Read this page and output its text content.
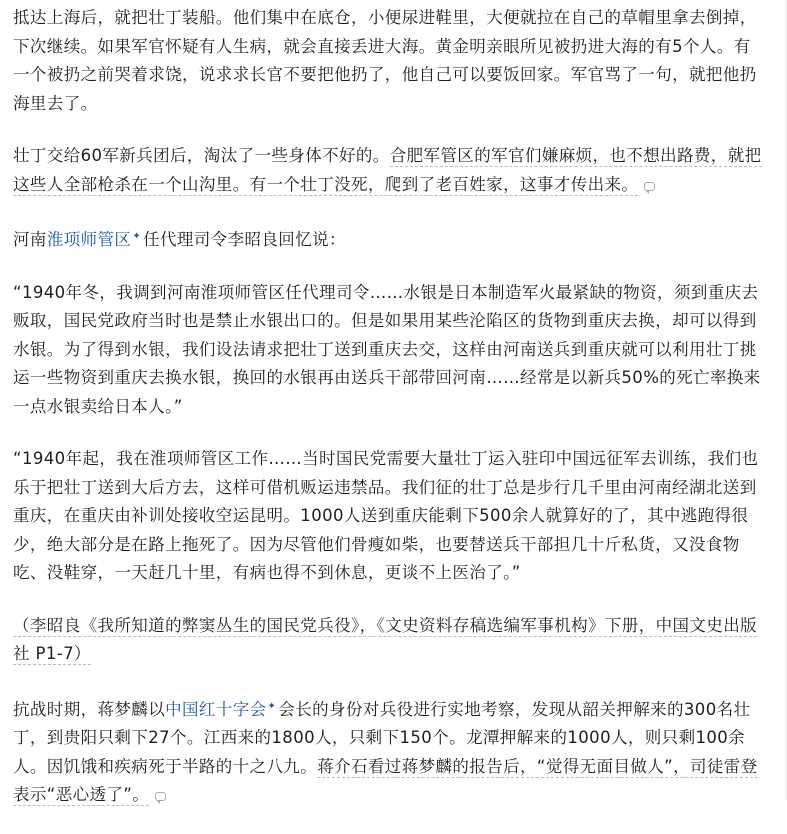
抵达上海后，就把壮丁装船。他们集中在底仓，小便尿进鞋里，大便就拉在自己的草帽里拿去倒掉，下次继续。如果军官怀疑有人生病，就会直接丢进大海。黄金明亲眼所见被扔进大海的有5个人。有一个被扔之前哭着求饶，说求求长官不要把他扔了，他自己可以要饭回家。军官骂了一句，就把他扔海里去了。

壮丁交给60军新兵团后，淘汰了一些身体不好的。合肥军管区的军官们嫌麻烦，也不想出路费，就把这些人全部枪杀在一个山沟里。有一个壮丁没死，爬到了老百姓家，这事才传出来。

河南淮项师管区✦ 任代理司令李昭良回忆说：

“1940年冬，我调到河南淮项师管区任代理司令……水银是日本制造军火最紧缺的物资，须到重庆去贩取，国民党政府当时也是禁止水银出口的。但是如果用某些沦陷区的货物到重庆去换，却可以得到水银。为了得到水银，我们设法请求把壮丁送到重庆去交，这样由河南送兵到重庆就可以利用壮丁挑运一些物资到重庆去换水银，换回的水银再由送兵干部带回河南……经常是以新兵50%的死亡率换来一点水银卖给日本人。”

“1940年起，我在淮项师管区工作……当时国民党需要大量壮丁运入驻印中国远征军去训练，我们也乐于把壮丁送到大后方去，这样可借机贩运违禁品。我们征的壮丁总是步行几千里由河南经湖北送到重庆，在重庆由补训处接收空运昆明。1000人送到重庆能剩下500余人就算好的了，其中逃跑得很少，绝大部分是在路上拖死了。因为尽管他们骨瘦如柴，也要替送兵干部担几十斤私货，又没食物吃、没鞋穿，一天赶几十里，有病也得不到休息，更谈不上医治了。”

（李昭良《我所知道的弊窦丛生的国民党兵役》，《文史资料存稿选编军事机构》下册，中国文史出版社 P1-7）

抗战时期，蒋梦麟以中国红十字会✦ 会长的身份对兵役进行实地考察，发现从韶关押解来的300名壮丁，到贵阳只剩下27个。江西来的1800人，只剩下150个。龙潭押解来的1000人，则只剩100余人。因饥饿和疾病死于半路的十之八九。蒋介石看过蒋梦麟的报告后，“觉得无面目做人”，司徒雷登表示“恶心透了”。
